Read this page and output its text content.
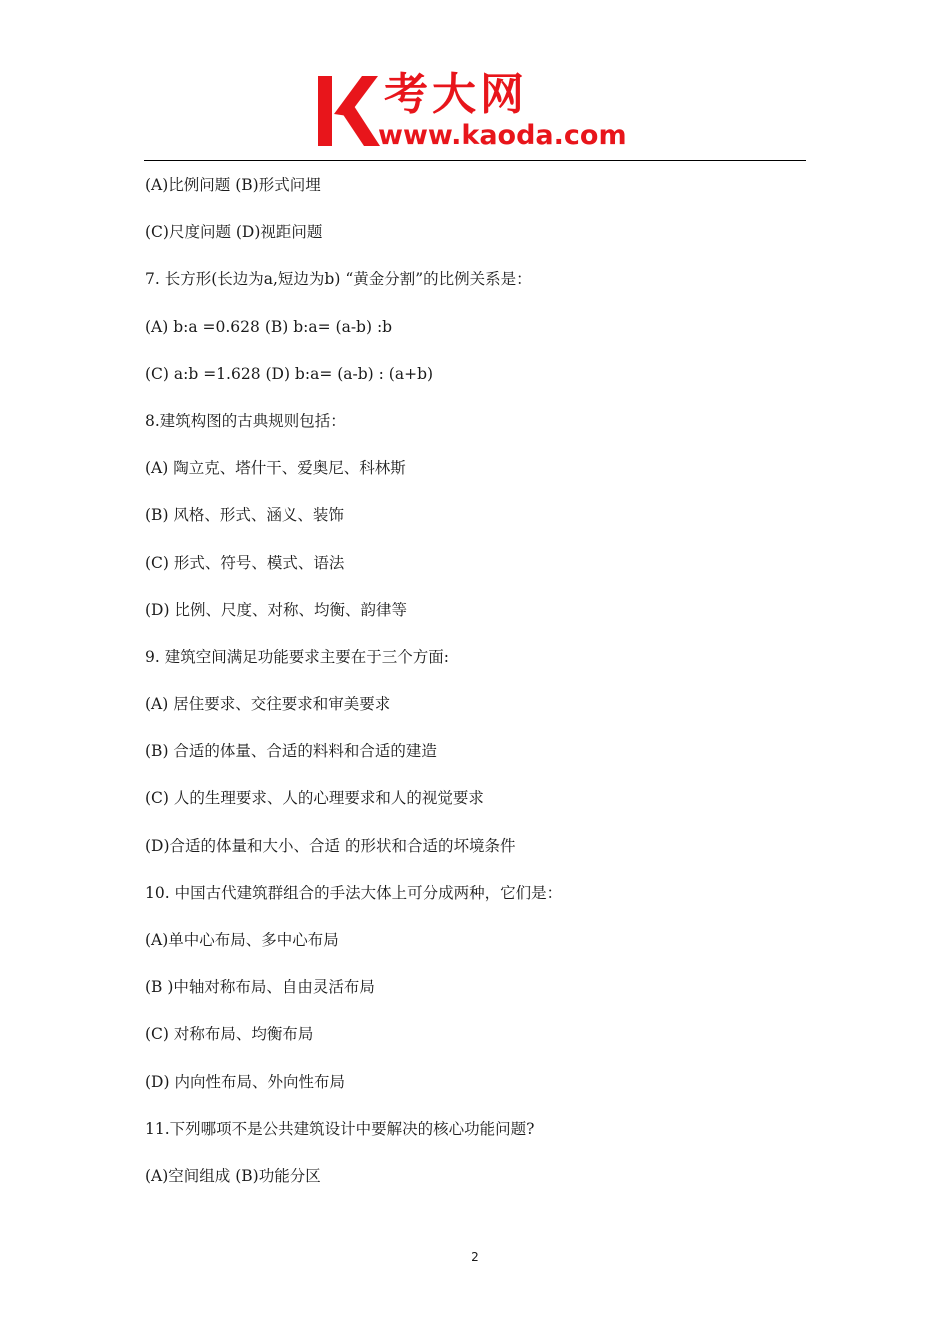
考大网
www.kaoda.com
(A)比例问题 (B)形式问埋
(C)尺度问题 (D)视距问题
7. 长方形(长边为a,短边为b) “黄金分割”的比例关系是：
(A) b:a =0.628 (B) b:a= (a-b) :b
(C) a:b =1.628 (D) b:a= (a-b) : (a+b)
8.建筑构图的古典规则包括：
(A) 陶立克、塔什干、爱奥尼、科林斯
(B) 风格、形式、涵义、装饰
(C) 形式、符号、模式、语法
(D) 比例、尺度、对称、均衡、韵律等
9. 建筑空间满足功能要求主要在于三个方面:
(A) 居住要求、交往要求和审美要求
(B) 合适的体量、合适的料料和合适的建造
(C) 人的生理要求、人的心理要求和人的视觉要求
(D)合适的体量和大小、合适 的形状和合适的坏境条件
10. 中国古代建筑群组合的手法大体上可分成两种，它们是：
(A)单中心布局、多中心布局
(B )中轴对称布局、自由灵活布局
(C) 对称布局、均衡布局
(D) 内向性布局、外向性布局
11.下列哪项不是公共建筑设计中要解决的核心功能问题?
(A)空间组成 (B)功能分区
2
